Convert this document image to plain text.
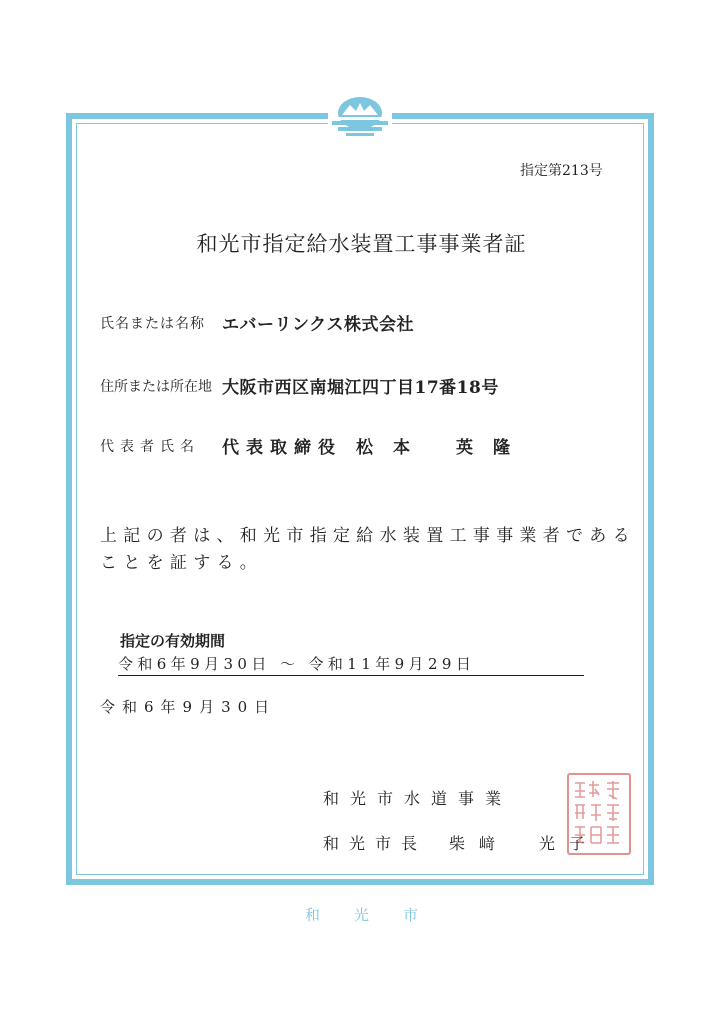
指定第213号
和光市指定給水装置工事事業者証
氏名または名称 エバーリンクス株式会社
住所または所在地 大阪市西区南堀江四丁目17番18号
代表者氏名 代表取締役 松本 英隆
上記の者は、和光市指定給水装置工事事業者であることを証する。
指定の有効期間
令和6年9月30日 ～ 令和11年9月29日
令和6年9月30日
和光市水道事業
和光市長 柴﨑　光子
和光市
